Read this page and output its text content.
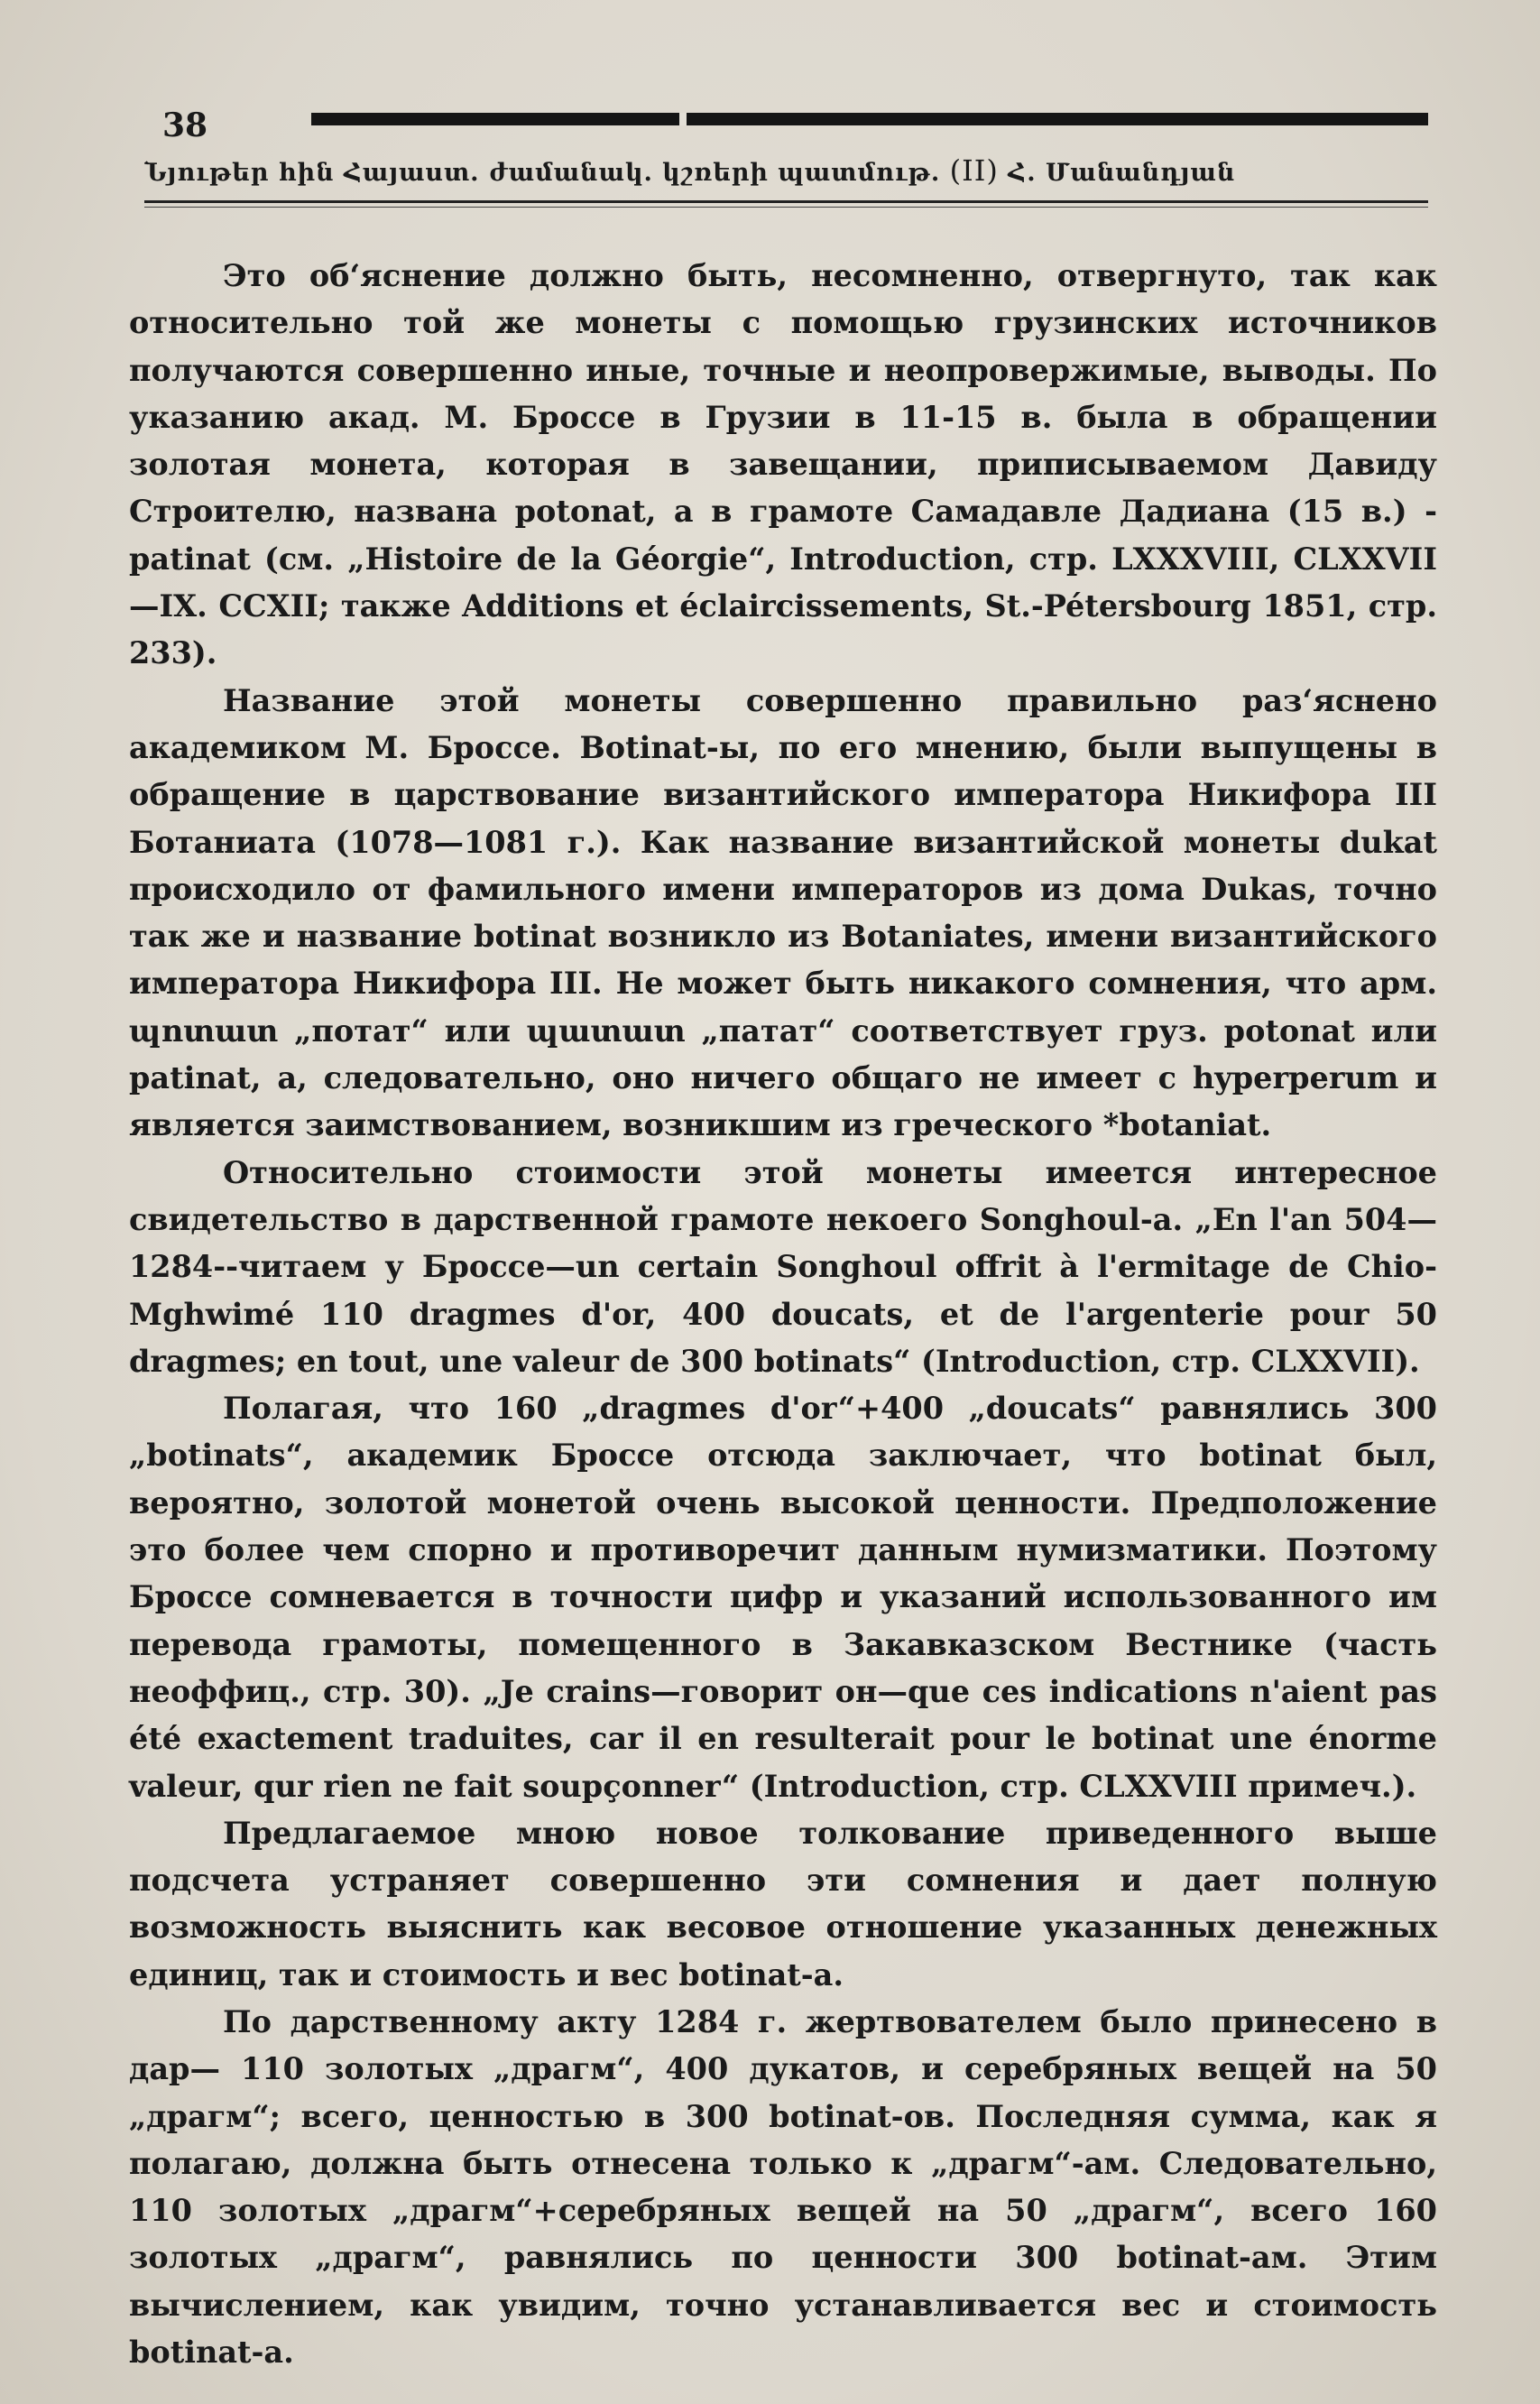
38
Նյութեր հին Հայաստ. ժամանակ. կշռերի պատմութ. (II) Հ. Մանանդյան

Это об‘яснение должно быть, несомненно, отвергнуто, так как относительно той же монеты с помощью грузинских источников получаются совершенно иные, точные и неопровержимые, выводы. По указанию акад. М. Броссе в Грузии в 11-15 в. была в обращении золотая монета, которая в завещании, приписываемом Давиду Строителю, названа potonat, а в грамоте Самадавле Дадиана (15 в.) -patinat (см. „Histoire de la Géorgie“, Introduction, стр. LXXXVIII, CLXXVII—IX. CCXII; также Additions et éclaircissements, St.-Pétersbourg 1851, стр. 233).

Название этой монеты совершенно правильно раз‘яснено академиком М. Броссе. Botinat-ы, по его мнению, были выпущены в обращение в царствование византийского императора Никифора III Ботаниата (1078—1081 г.). Как название византийской монеты dukat происходило от фамильного имени императоров из дома Dukas, точно так же и название botinat возникло из Botaniates, имени византийского императора Никифора III. Не может быть никакого сомнения, что арм. պոտատ „потат“ или պատատ „патат“ соответствует груз. potonat или patinat, а, следовательно, оно ничего общаго не имеет с hyperperum и является заимствованием, возникшим из греческого *botaniat.

Относительно стоимости этой монеты имеется интересное свидетельство в дарственной грамоте некоего Songhoul-а. „En l'an 504—1284--читаем у Броссе—un certain Songhoul offrit à l'ermitage de Chio-Mghwimé 110 dragmes d'or, 400 doucats, et de l'argenterie pour 50 dragmes; en tout, une valeur de 300 botinats“ (Introduction, стр. CLXXVII).

Полагая, что 160 „dragmes d'or“+400 „doucats“ равнялись 300 „botinats“, академик Броссе отсюда заключает, что botinat был, вероятно, золотой монетой очень высокой ценности. Предположение это более чем спорно и противоречит данным нумизматики. Поэтому Броссе сомневается в точности цифр и указаний использованного им перевода грамоты, помещенного в Закавказском Вестнике (часть неоффиц., стр. 30). „Je crains—говорит он—que ces indications n'aient pas été exactement traduites, car il en resulterait pour le botinat une énorme valeur, qur rien ne fait soupçonner“ (Introduction, стр. CLXXVIII примеч.).

Предлагаемое мною новое толкование приведенного выше подсчета устраняет совершенно эти сомнения и дает полную возможность выяснить как весовое отношение указанных денежных единиц, так и стоимость и вес botinat-а.

По дарственному акту 1284 г. жертвователем было принесено в дар— 110 золотых „драгм“, 400 дукатов, и серебряных вещей на 50 „драгм“; всего, ценностью в 300 botinat-ов. Последняя сумма, как я полагаю, должна быть отнесена только к „драгм“-ам. Следовательно, 110 золотых „драгм“+серебряных вещей на 50 „драгм“, всего 160 золотых „драгм“, равнялись по ценности 300 botinat-ам. Этим вычислением, как увидим, точно устанавливается вес и стоимость botinat-а.
